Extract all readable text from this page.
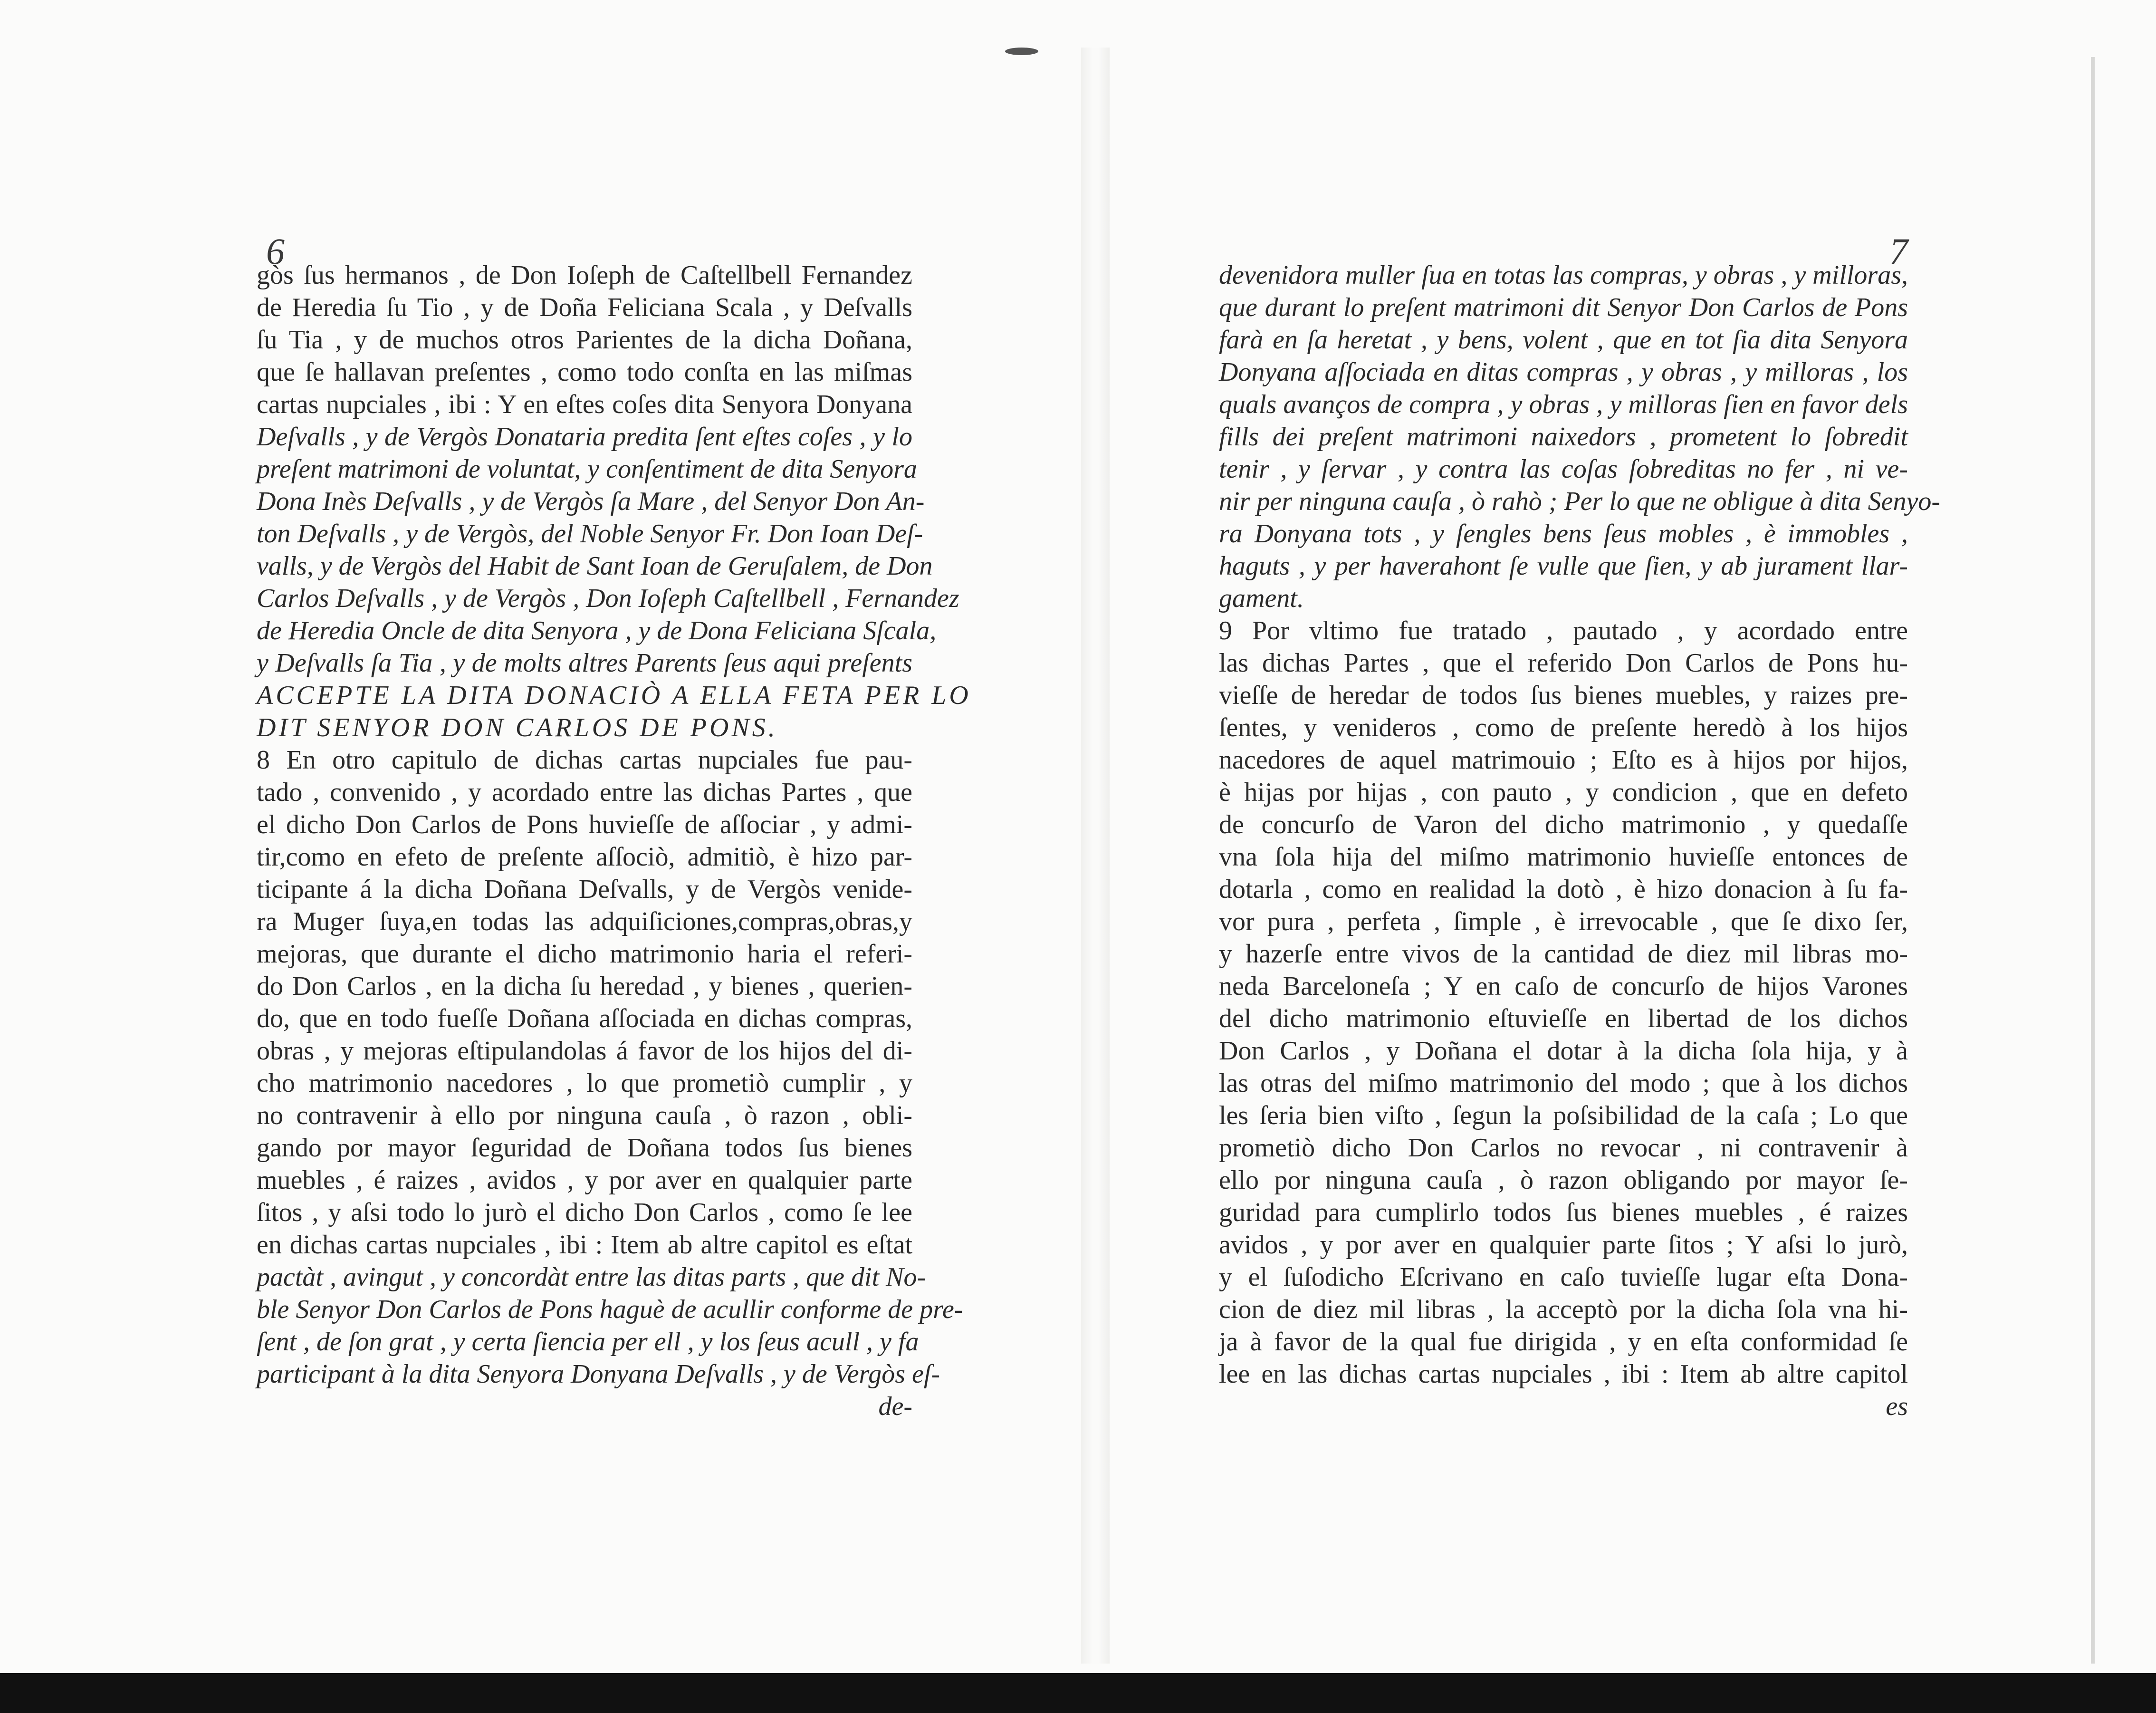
6
gòs ſus hermanos , de Don Ioſeph de Caſtellbell Fernandez
de Heredia ſu Tio , y de Doña Feliciana Scala , y Deſvalls
ſu Tia , y de muchos otros Parientes de la dicha Doñana,
que ſe hallavan preſentes , como todo conſta en las miſmas
cartas nupciales , ibi : Y en eſtes coſes dita Senyora Donyana
Deſvalls , y de Vergòs Donataria predita ſent eſtes coſes , y lo
preſent matrimoni de voluntat, y conſentiment de dita Senyora
Dona Inès Deſvalls , y de Vergòs ſa Mare , del Senyor Don An-
ton Deſvalls , y de Vergòs, del Noble Senyor Fr. Don Ioan Deſ-
valls, y de Vergòs del Habit de Sant Ioan de Geruſalem, de Don
Carlos Deſvalls , y de Vergòs , Don Ioſeph Caſtellbell , Fernandez
de Heredia Oncle de dita Senyora , y de Dona Feliciana Sſcala,
y Deſvalls ſa Tia , y de molts altres Parents ſeus aqui preſents
ACCEPTE LA DITA DONACIÒ A ELLA FETA PER LO
DIT SENYOR DON CARLOS DE PONS.
8 En otro capitulo de dichas cartas nupciales fue pau-
tado , convenido , y acordado entre las dichas Partes , que
el dicho Don Carlos de Pons huvieſſe de aſſociar , y admi-
tir,como en efeto de preſente aſſociò, admitiò, è hizo par-
ticipante á la dicha Doñana Deſvalls, y de Vergòs venide-
ra Muger ſuya,en todas las adquiſiciones,compras,obras,y
mejoras, que durante el dicho matrimonio haria el referi-
do Don Carlos , en la dicha ſu heredad , y bienes , querien-
do, que en todo fueſſe Doñana aſſociada en dichas compras,
obras , y mejoras eſtipulandolas á favor de los hijos del di-
cho matrimonio nacedores , lo que prometiò cumplir , y
no contravenir à ello por ninguna cauſa , ò razon , obli-
gando por mayor ſeguridad de Doñana todos ſus bienes
muebles , é raizes , avidos , y por aver en qualquier parte
ſitos , y aſsi todo lo jurò el dicho Don Carlos , como ſe lee
en dichas cartas nupciales , ibi : Item ab altre capitol es eſtat
pactàt , avingut , y concordàt entre las ditas parts , que dit No-
ble Senyor Don Carlos de Pons haguè de acullir conforme de pre-
ſent , de ſon grat , y certa ſiencia per ell , y los ſeus acull , y fa
participant à la dita Senyora Donyana Deſvalls , y de Vergòs eſ-
de-
7
devenidora muller ſua en totas las compras, y obras , y milloras,
que durant lo preſent matrimoni dit Senyor Don Carlos de Pons
farà en ſa heretat , y bens, volent , que en tot ſia dita Senyora
Donyana aſſociada en ditas compras , y obras , y milloras , los
quals avanços de compra , y obras , y milloras ſien en favor dels
fills dei preſent matrimoni naixedors , prometent lo ſobredit
tenir , y ſervar , y contra las coſas ſobreditas no fer , ni ve-
nir per ninguna cauſa , ò rahò ; Per lo que ne obligue à dita Senyo-
ra Donyana tots , y ſengles bens ſeus mobles , è immobles ,
haguts , y per haverahont ſe vulle que ſien, y ab jurament llar-
gament.
9 Por vltimo fue tratado , pautado , y acordado entre
las dichas Partes , que el referido Don Carlos de Pons hu-
vieſſe de heredar de todos ſus bienes muebles, y raizes pre-
ſentes, y venideros , como de preſente heredò à los hijos
nacedores de aquel matrimouio ; Eſto es à hijos por hijos,
è hijas por hijas , con pauto , y condicion , que en defeto
de concurſo de Varon del dicho matrimonio , y quedaſſe
vna ſola hija del miſmo matrimonio huvieſſe entonces de
dotarla , como en realidad la dotò , è hizo donacion à ſu fa-
vor pura , perfeta , ſimple , è irrevocable , que ſe dixo ſer,
y hazerſe entre vivos de la cantidad de diez mil libras mo-
neda Barceloneſa ; Y en caſo de concurſo de hijos Varones
del dicho matrimonio eſtuvieſſe en libertad de los dichos
Don Carlos , y Doñana el dotar à la dicha ſola hija, y à
las otras del miſmo matrimonio del modo ; que à los dichos
les ſeria bien viſto , ſegun la poſsibilidad de la caſa ; Lo que
prometiò dicho Don Carlos no revocar , ni contravenir à
ello por ninguna cauſa , ò razon obligando por mayor ſe-
guridad para cumplirlo todos ſus bienes muebles , é raizes
avidos , y por aver en qualquier parte ſitos ; Y aſsi lo jurò,
y el ſuſodicho Eſcrivano en caſo tuvieſſe lugar eſta Dona-
cion de diez mil libras , la acceptò por la dicha ſola vna hi-
ja à favor de la qual fue dirigida , y en eſta conformidad ſe
lee en las dichas cartas nupciales , ibi : Item ab altre capitol
es
